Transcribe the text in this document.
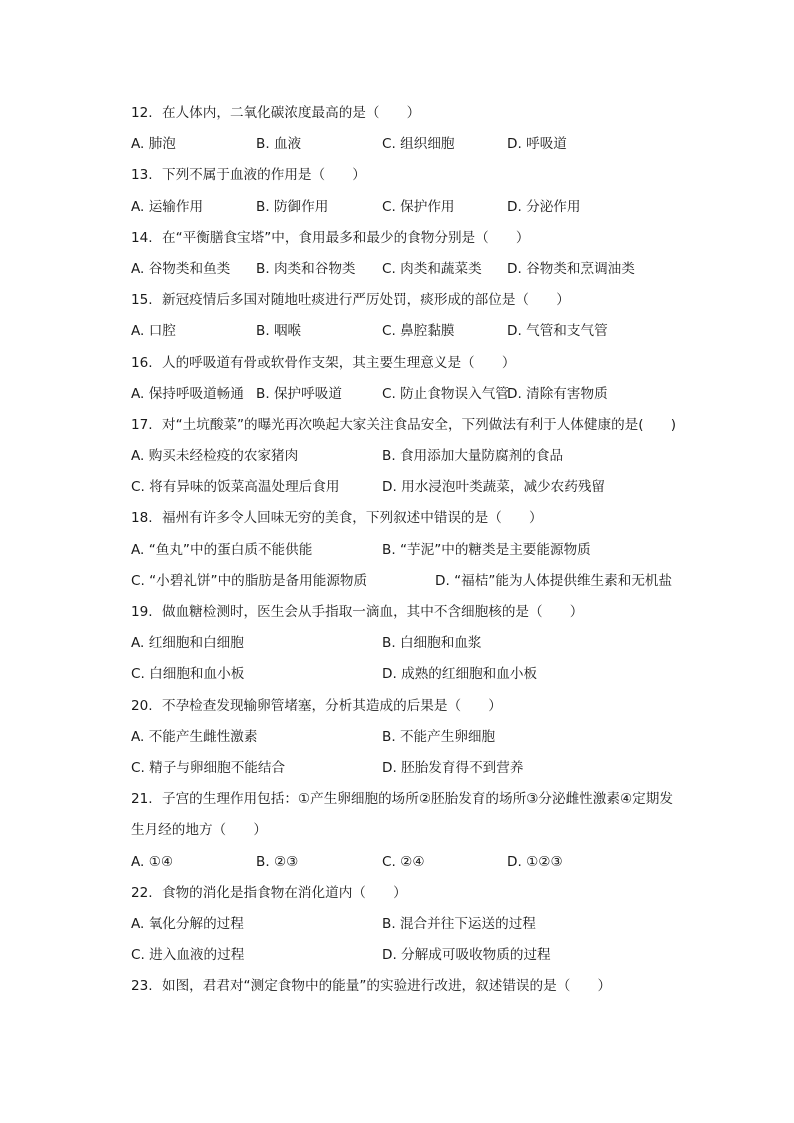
12. 在人体内，二氧化碳浓度最高的是（　　）
A. 肺泡	B. 血液	C. 组织细胞	D. 呼吸道
13. 下列不属于血液的作用是（　　）
A. 运输作用	B. 防御作用	C. 保护作用	D. 分泌作用
14. 在“平衡膳食宝塔”中，食用最多和最少的食物分别是（　　）
A. 谷物类和鱼类 B. 肉类和谷物类 C. 肉类和蔬菜类 D. 谷物类和烹调油类
15. 新冠疫情后多国对随地吐痰进行严厉处罚，痰形成的部位是（　　）
A. 口腔	B. 咽喉	C. 鼻腔黏膜	D. 气管和支气管
16. 人的呼吸道有骨或软骨作支架，其主要生理意义是（　　）
A. 保持呼吸道畅通 B. 保护呼吸道	C. 防止食物误入气管
D. 清除有害物质
17. 对“土坑酸菜”的曝光再次唤起大家关注食品安全，下列做法有利于人体健康的是(　　)
A. 购买未经检疫的农家猪肉	B. 食用添加大量防腐剂的食品
C. 将有异味的饭菜高温处理后食用	D. 用水浸泡叶类蔬菜，减少农药残留
18. 福州有许多令人回味无穷的美食，下列叙述中错误的是（　　）
A. “鱼丸”中的蛋白质不能供能	B. “芋泥”中的糖类是主要能源物质
C. “小碧礼饼”中的脂肪是备用能源物质	D. “福桔”能为人体提供维生素和无机盐
19. 做血糖检测时，医生会从手指取一滴血，其中不含细胞核的是（　　）
A. 红细胞和白细胞	B. 白细胞和血浆
C. 白细胞和血小板	D. 成熟的红细胞和血小板
20. 不孕检查发现输卵管堵塞，分析其造成的后果是（　　）
A. 不能产生雌性激素	B. 不能产生卵细胞
C. 精子与卵细胞不能结合	D. 胚胎发育得不到营养
21. 子宫的生理作用包括：①产生卵细胞的场所②胚胎发育的场所③分泌雌性激素④定期发
生月经的地方（　　）
A. ①④	B. ②③	C. ②④	D. ①②③
22. 食物的消化是指食物在消化道内（　　）
A. 氧化分解的过程	B. 混合并往下运送的过程
C. 进入血液的过程	D. 分解成可吸收物质的过程
23. 如图，君君对“测定食物中的能量”的实验进行改进，叙述错误的是（　　）
